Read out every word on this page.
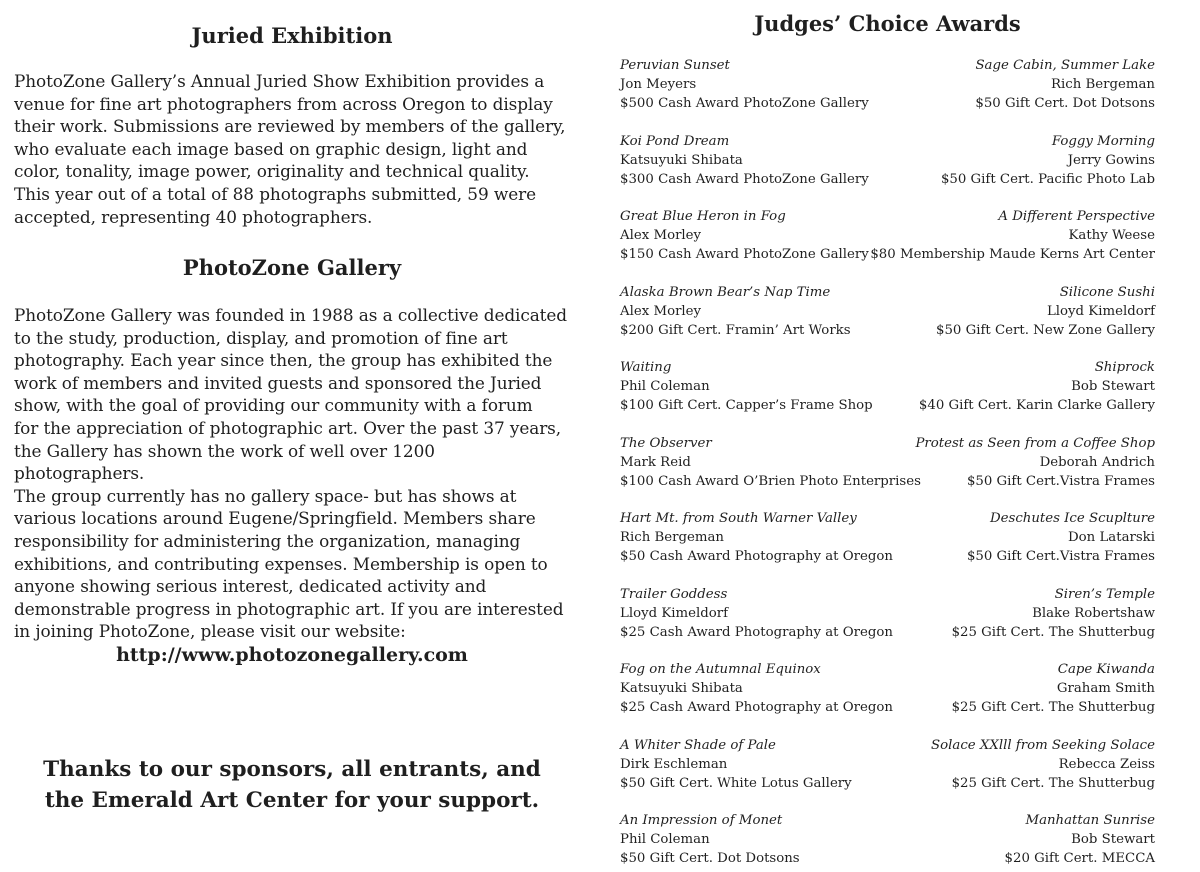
Juried Exhibition

PhotoZone Gallery’s Annual Juried Show Exhibition provides a

venue for fine art photographers from across Oregon to display

their work. Submissions are reviewed by members of the gallery,

who evaluate each image based on graphic design, light and

color, tonality, image power, originality and technical quality.

This year out of a total of 88 photographs submitted, 59 were

accepted, representing 40 photographers.

PhotoZone Gallery

PhotoZone Gallery was founded in 1988 as a collective dedicated

to the study, production, display, and promotion of fine art

photography. Each year since then, the group has exhibited the

work of members and invited guests and sponsored the Juried

show, with the goal of providing our community with a forum

for the appreciation of photographic art. Over the past 37 years,

the Gallery has shown the work of well over 1200 photographers.

The group currently has no gallery space- but has shows at

various locations around Eugene/Springfield. Members share

responsibility for administering the organization, managing

exhibitions, and contributing expenses. Membership is open to

anyone showing serious interest, dedicated activity and

demonstrable progress in photographic art. If you are interested

in joining PhotoZone, please visit our website:

http://www.photozonegallery.com
Thanks to our sponsors, all entrants, and
the Emerald Art Center for your support.
Judges’ Choice Awards
Peruvian Sunset
Jon Meyers
$500 Cash Award PhotoZone Gallery
Sage Cabin, Summer Lake
Rich Bergeman
$50 Gift Cert. Dot Dotsons
Koi Pond Dream
Katsuyuki Shibata
$300 Cash Award PhotoZone Gallery
Foggy Morning
Jerry Gowins
$50 Gift Cert. Pacific Photo Lab
Great Blue Heron in Fog
Alex Morley
$150 Cash Award PhotoZone Gallery
A Different Perspective
Kathy Weese
$80 Membership Maude Kerns Art Center
Alaska Brown Bear’s Nap Time
Alex Morley
$200 Gift Cert. Framin’ Art Works
Silicone Sushi
Lloyd Kimeldorf
$50 Gift Cert. New Zone Gallery
Waiting
Phil Coleman
$100 Gift Cert. Capper’s Frame Shop
Shiprock
Bob Stewart
$40 Gift Cert. Karin Clarke Gallery
The Observer
Mark Reid
$100 Cash Award O’Brien Photo Enterprises
Protest as Seen from a Coffee Shop
Deborah Andrich
$50 Gift Cert.Vistra Frames
Hart Mt. from South Warner Valley
Rich Bergeman
$50 Cash Award Photography at Oregon
Deschutes Ice Scuplture
Don Latarski
$50 Gift Cert.Vistra Frames
Trailer Goddess
Lloyd Kimeldorf
$25 Cash Award Photography at Oregon
Siren’s Temple
Blake Robertshaw
$25 Gift Cert. The Shutterbug
Fog on the Autumnal Equinox
Katsuyuki Shibata
$25 Cash Award Photography at Oregon
Cape Kiwanda
Graham Smith
$25 Gift Cert. The Shutterbug
A Whiter Shade of Pale
Dirk Eschleman
$50 Gift Cert. White Lotus Gallery
Solace XXlll from Seeking Solace
Rebecca Zeiss
$25 Gift Cert. The Shutterbug
An Impression of Monet
Phil Coleman
$50 Gift Cert. Dot Dotsons
Manhattan Sunrise
Bob Stewart
$20 Gift Cert. MECCA
